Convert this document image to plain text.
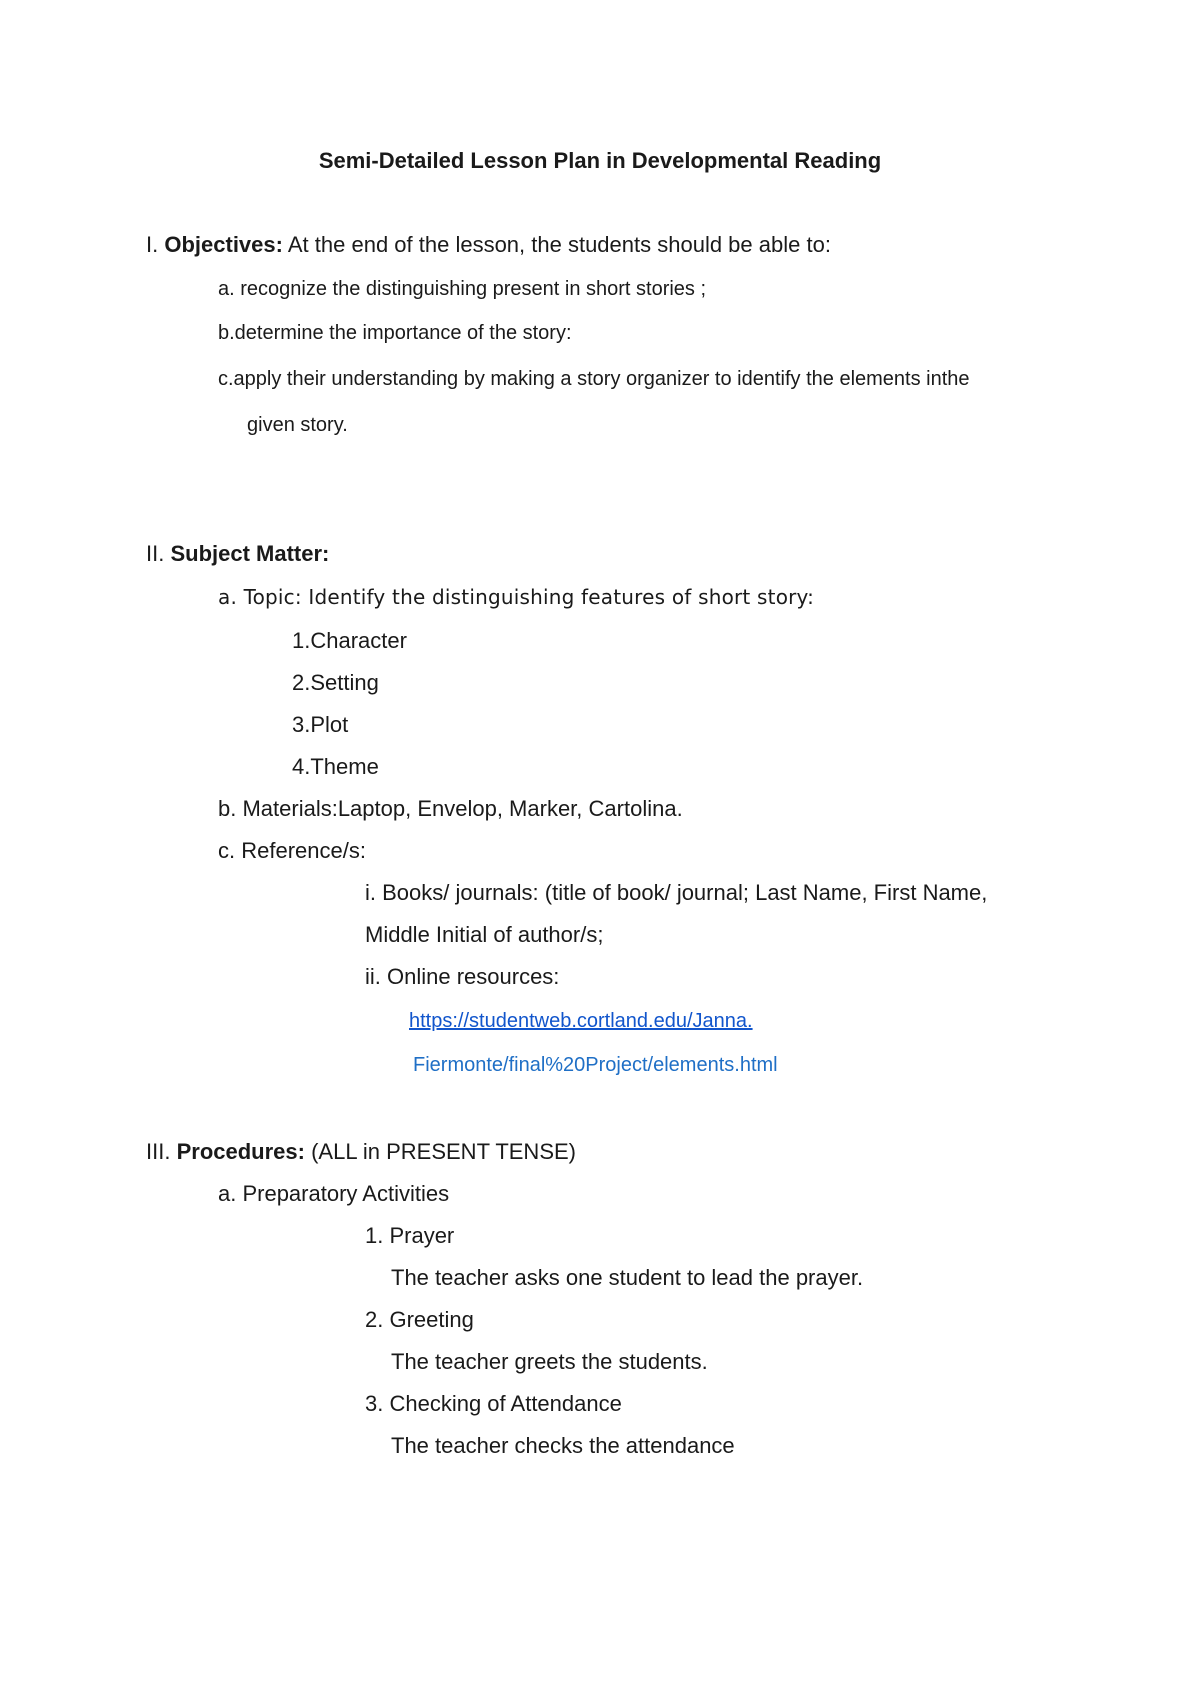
Semi-Detailed Lesson Plan in Developmental Reading
I. Objectives: At the end of the lesson, the students should be able to:
a. recognize the distinguishing present in short stories ;
b.determine the importance of the story:
c.apply their understanding by making a story organizer to identify the elements inthe
given story.
II. Subject Matter:
a. Topic: Identify the distinguishing features of short story:
1.Character
2.Setting
3.Plot
4.Theme
b. Materials:Laptop, Envelop, Marker, Cartolina.
c. Reference/s:
i. Books/ journals: (title of book/ journal; Last Name, First Name,
Middle Initial of author/s;
ii. Online resources:
https://studentweb.cortland.edu/Janna.
Fiermonte/final%20Project/elements.html
III. Procedures: (ALL in PRESENT TENSE)
a. Preparatory Activities
1. Prayer
The teacher asks one student to lead the prayer.
2. Greeting
The teacher greets the students.
3. Checking of Attendance
The teacher checks the attendance
